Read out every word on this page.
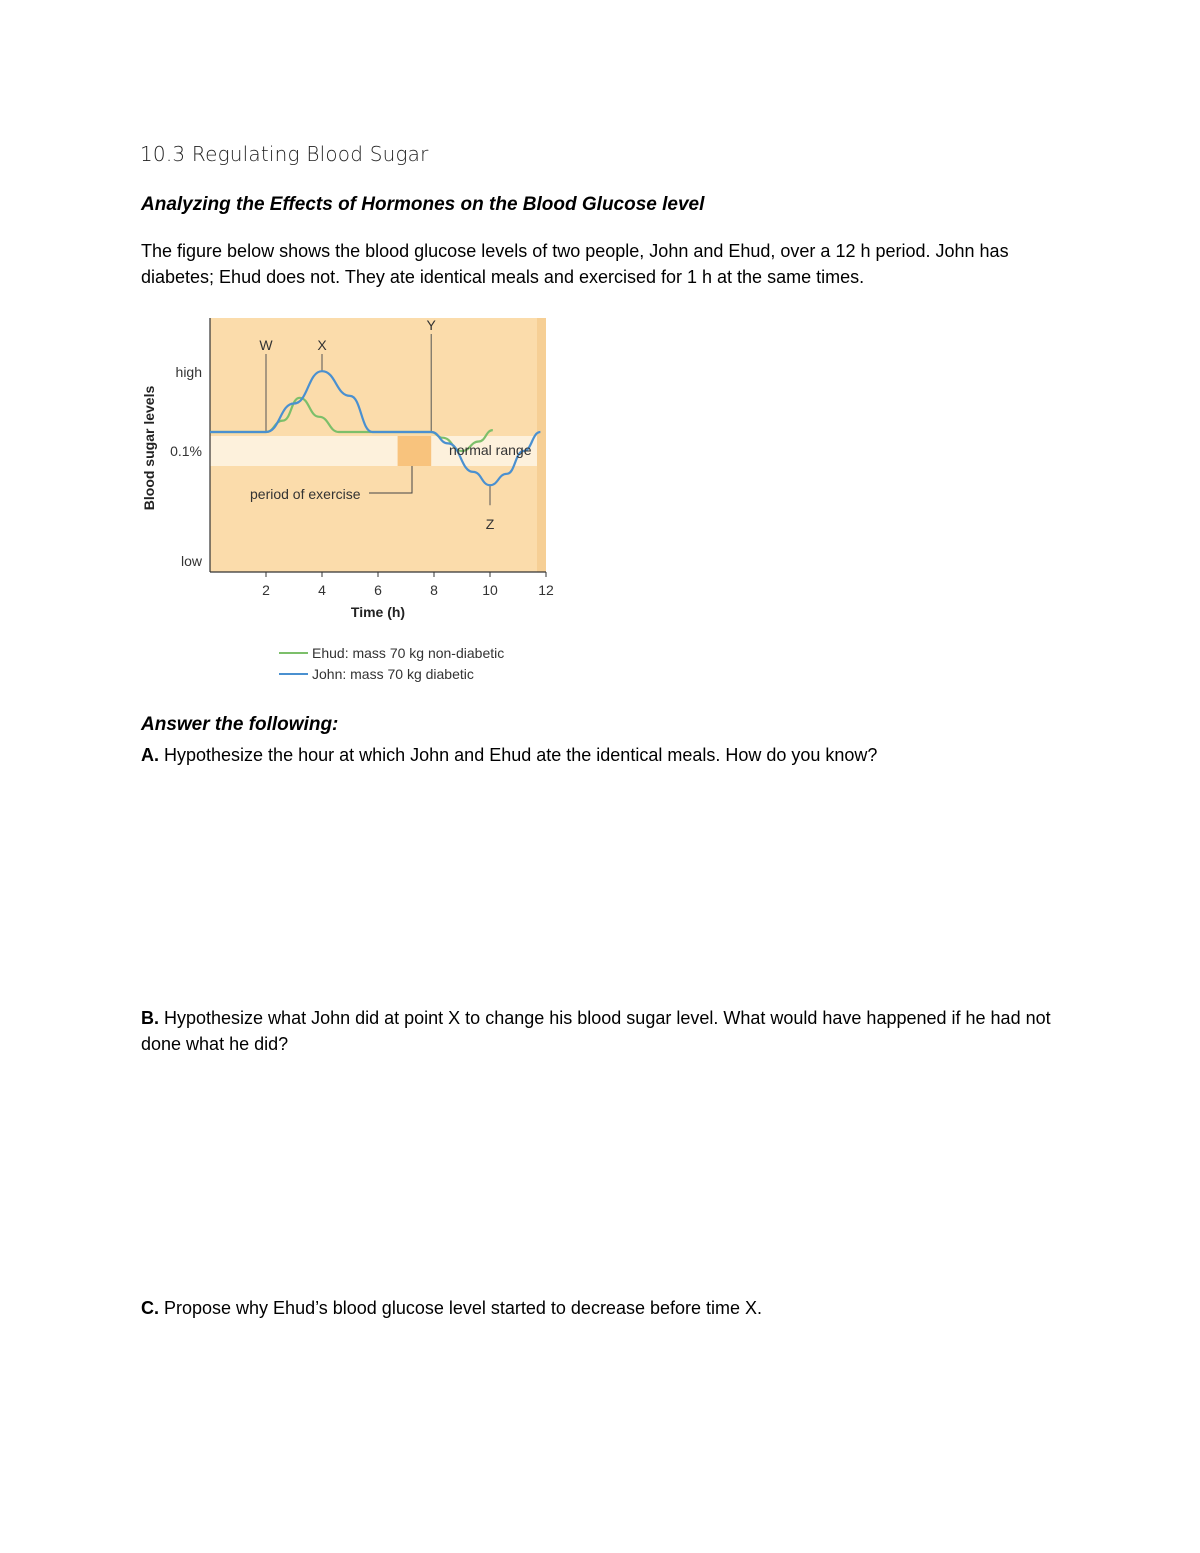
10.3 Regulating Blood Sugar
Analyzing the Effects of Hormones on the Blood Glucose level
The figure below shows the blood glucose levels of two people, John and Ehud, over a 12 h period. John has diabetes; Ehud does not. They ate identical meals and exercised for 1 h at the same times.
2	4	6	8	10	12
W	X
Y
Z
high
0.1%
low
Blood sugar levels
Time (h)
normal range
period of exercise
Ehud: mass 70 kg non-diabetic
John: mass 70 kg diabetic
Answer the following:
A. Hypothesize the hour at which John and Ehud ate the identical meals. How do you know?
B. Hypothesize what John did at point X to change his blood sugar level. What would have happened if he had not done what he did?
C. Propose why Ehud’s blood glucose level started to decrease before time X.
